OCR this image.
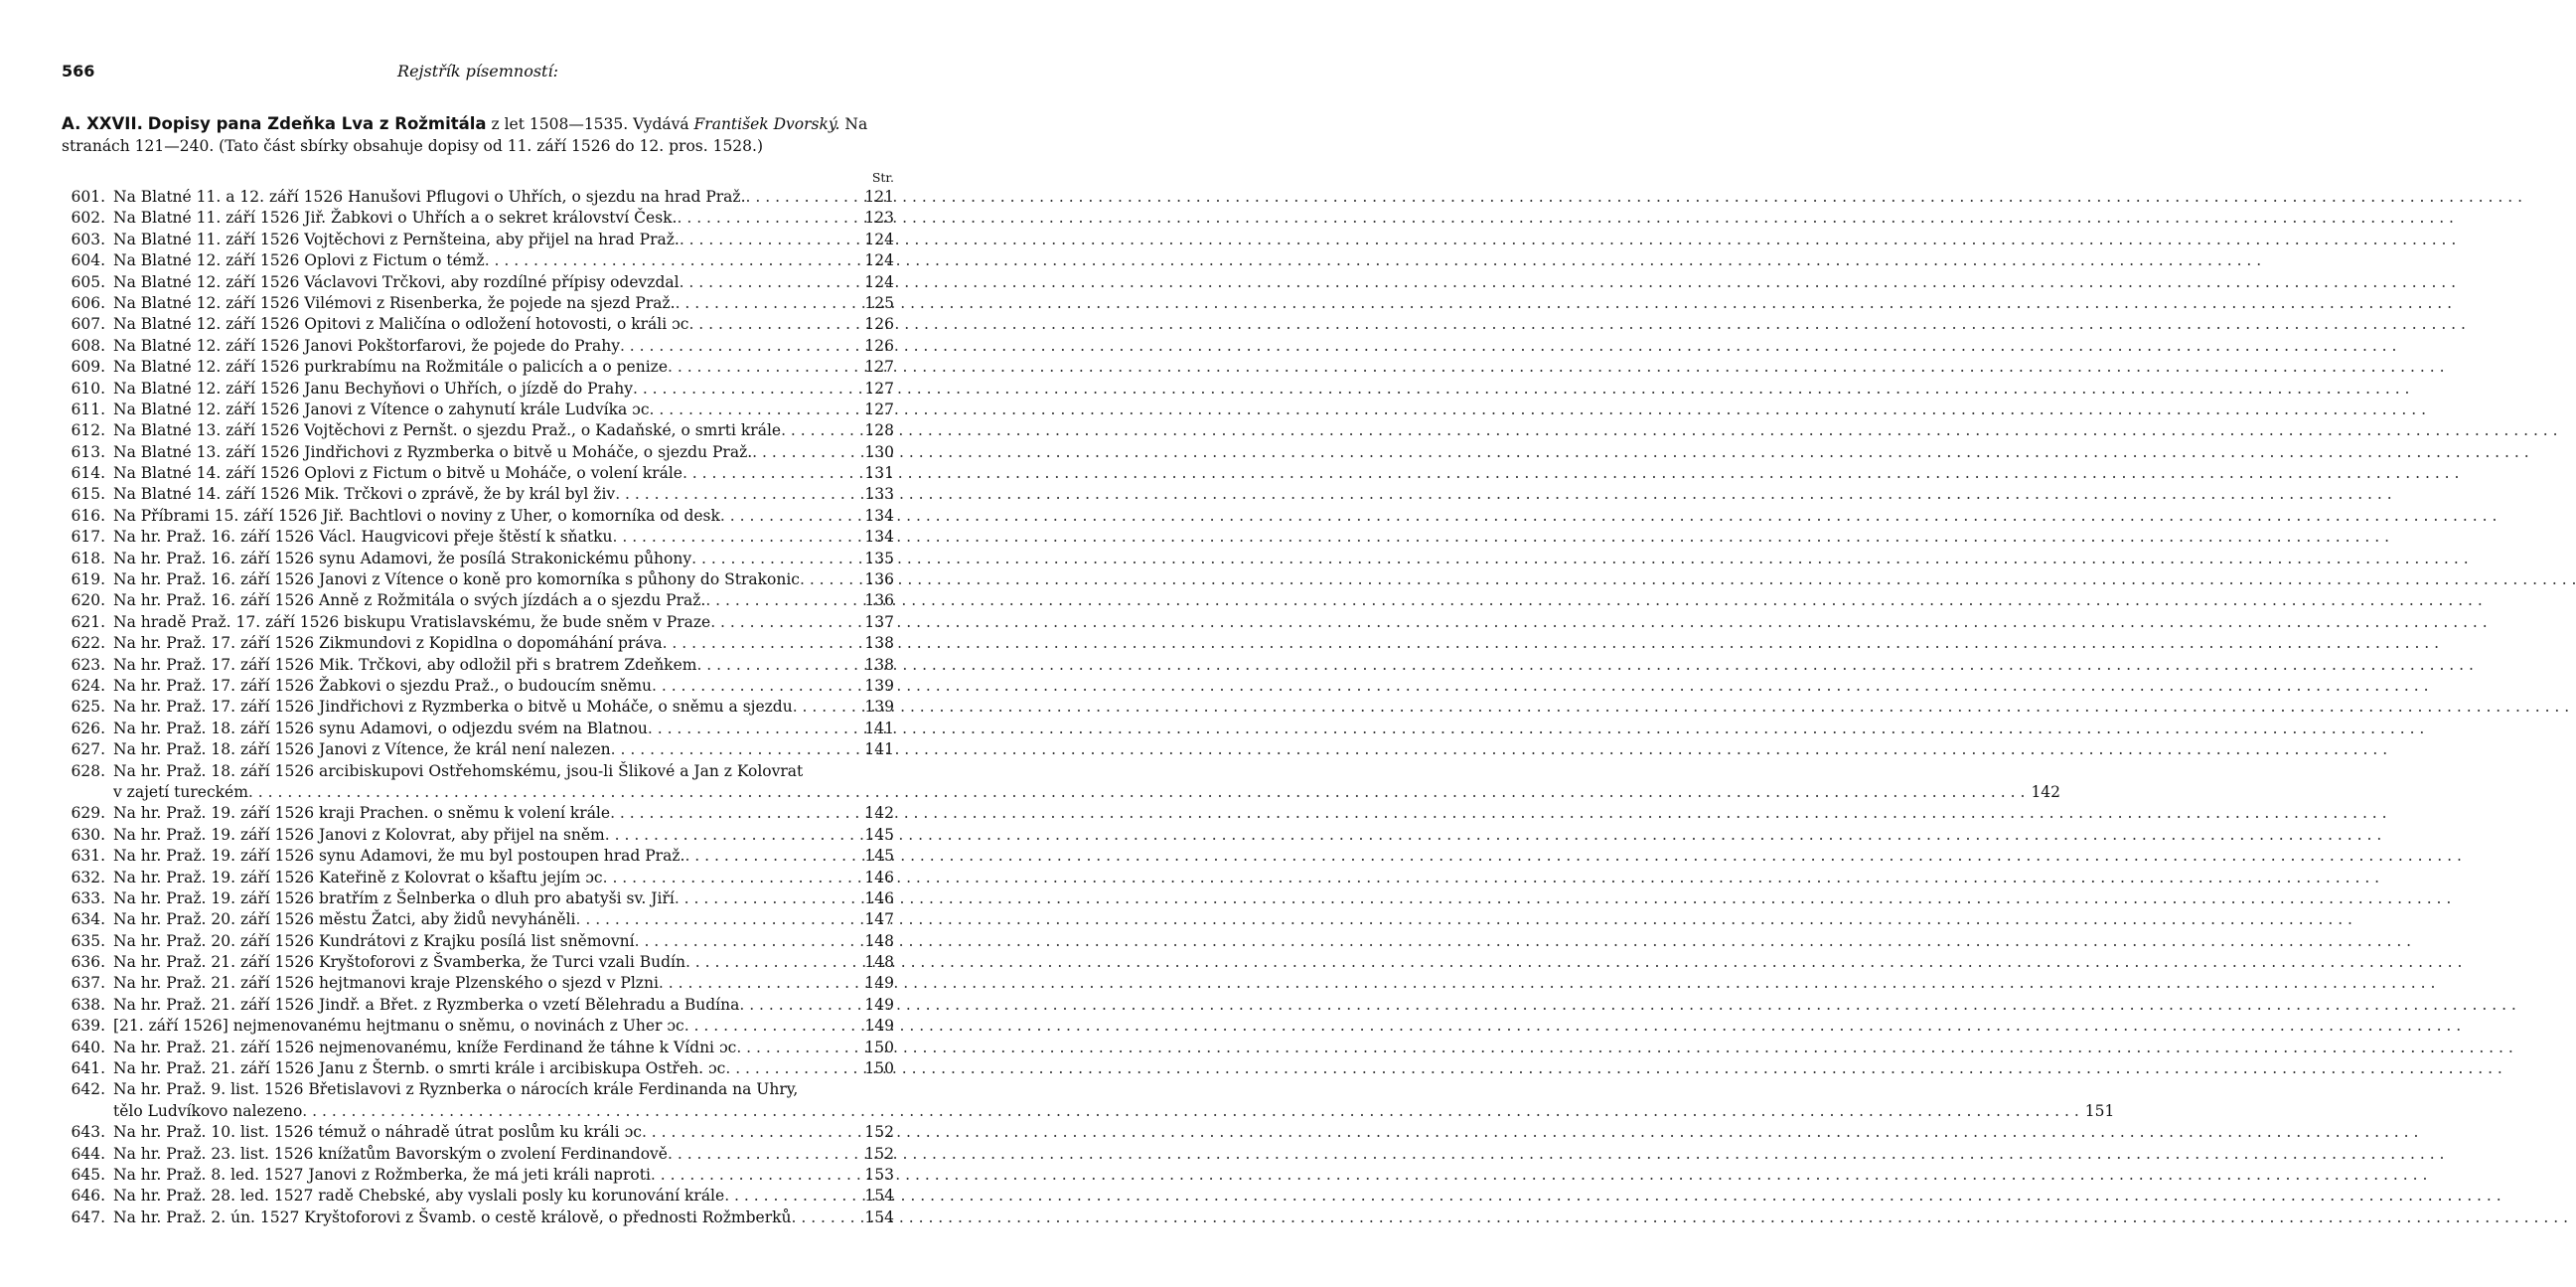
566	Rejstřík písemností:
A. XXVII. Dopisy pana Zdeňka Lva z Rožmitála z let 1508—1535. Vydává František Dvorský. Na stranách 121—240. (Tato část sbírky obsahuje dopisy od 11. září 1526 do 12. pros. 1528.)
Str.
601. Na Blatné 11. a 12. září 1526 Hanušovi Pflugovi o Uhřích, o sjezdu na hrad Praž. . . .	121
602. Na Blatné 11. září 1526 Jiř. Žabkovi o Uhřích a o sekret království Česk. . . .	123
603. Na Blatné 11. září 1526 Vojtěchovi z Pernšteina, aby přijel na hrad Praž. . . .	124
604. Na Blatné 12. září 1526 Oplovi z Fictum o témž . . .	124
605. Na Blatné 12. září 1526 Václavovi Trčkovi, aby rozdílné přípisy odevzdal . . .	124
606. Na Blatné 12. září 1526 Vilémovi z Risenberka, že pojede na sjezd Praž. . . .	125
607. Na Blatné 12. září 1526 Opitovi z Maličína o odložení hotovosti, o králi ɔc . . .	126
608. Na Blatné 12. září 1526 Janovi Pokštorfarovi, že pojede do Prahy . . .	126
609. Na Blatné 12. září 1526 purkrabímu na Rožmitále o palicích a o penize . . .	127
610. Na Blatné 12. září 1526 Janu Bechyňovi o Uhřích, o jízdě do Prahy . . .	127
611. Na Blatné 12. září 1526 Janovi z Vítence o zahynutí krále Ludvíka ɔc . . .	127
612. Na Blatné 13. září 1526 Vojtěchovi z Pernšt. o sjezdu Praž., o Kadaňské, o smrti krále . . .	128
613. Na Blatné 13. září 1526 Jindřichovi z Ryzmberka o bitvě u Moháče, o sjezdu Praž. . . .	130
614. Na Blatné 14. září 1526 Oplovi z Fictum o bitvě u Moháče, o volení krále . . .	131
615. Na Blatné 14. září 1526 Mik. Trčkovi o zprávě, že by král byl živ . . .	133
616. Na Příbrami 15. září 1526 Jiř. Bachtlovi o noviny z Uher, o komorníka od desk . . .	134
617. Na hr. Praž. 16. září 1526 Václ. Haugvicovi přeje štěstí k sňatku . . .	134
618. Na hr. Praž. 16. září 1526 synu Adamovi, že posílá Strakonickému půhony . . .	135
619. Na hr. Praž. 16. září 1526 Janovi z Vítence o koně pro komorníka s půhony do Strakonic . . .	136
620. Na hr. Praž. 16. září 1526 Anně z Rožmitála o svých jízdách a o sjezdu Praž. . . .	136
621. Na hradě Praž. 17. září 1526 biskupu Vratislavskému, že bude sněm v Praze . . .	137
622. Na hr. Praž. 17. září 1526 Zikmundovi z Kopidlna o dopomáhání práva . . .	138
623. Na hr. Praž. 17. září 1526 Mik. Trčkovi, aby odložil při s bratrem Zdeňkem . . .	138
624. Na hr. Praž. 17. září 1526 Žabkovi o sjezdu Praž., o budoucím sněmu . . .	139
625. Na hr. Praž. 17. září 1526 Jindřichovi z Ryzmberka o bitvě u Moháče, o sněmu a sjezdu . . .	139
626. Na hr. Praž. 18. září 1526 synu Adamovi, o odjezdu svém na Blatnou . . .	141
627. Na hr. Praž. 18. září 1526 Janovi z Vítence, že král není nalezen . . .	141
628. Na hr. Praž. 18. září 1526 arcibiskupovi Ostřehomskému, jsou-li Šlikové a Jan z Kolovrat
v zajetí tureckém . . .	142
629. Na hr. Praž. 19. září 1526 kraji Prachen. o sněmu k volení krále . . .	142
630. Na hr. Praž. 19. září 1526 Janovi z Kolovrat, aby přijel na sněm . . .	145
631. Na hr. Praž. 19. září 1526 synu Adamovi, že mu byl postoupen hrad Praž. . . .	145
632. Na hr. Praž. 19. září 1526 Kateřině z Kolovrat o kšaftu jejím ɔc . . .	146
633. Na hr. Praž. 19. září 1526 bratřím z Šelnberka o dluh pro abatyši sv. Jiří . . .	146
634. Na hr. Praž. 20. září 1526 městu Žatci, aby židů nevyháněli . . .	147
635. Na hr. Praž. 20. září 1526 Kundrátovi z Krajku posílá list sněmovní . . .	148
636. Na hr. Praž. 21. září 1526 Kryštoforovi z Švamberka, že Turci vzali Budín . . .	148
637. Na hr. Praž. 21. září 1526 hejtmanovi kraje Plzenského o sjezd v Plzni . . .	149
638. Na hr. Praž. 21. září 1526 Jindř. a Břet. z Ryzmberka o vzetí Bělehradu a Budína . . .	149
639. [21. září 1526] nejmenovanému hejtmanu o sněmu, o novinách z Uher ɔc . . .	149
640. Na hr. Praž. 21. září 1526 nejmenovanému, kníže Ferdinand že táhne k Vídni ɔc . . .	150
641. Na hr. Praž. 21. září 1526 Janu z Šternb. o smrti krále i arcibiskupa Ostřeh. ɔc . . .	150
642. Na hr. Praž. 9. list. 1526 Břetislavovi z Ryznberka o nárocích krále Ferdinanda na Uhry,
tělo Ludvíkovo nalezeno . . .	151
643. Na hr. Praž. 10. list. 1526 témuž o náhradě útrat poslům ku králi ɔc . . .	152
644. Na hr. Praž. 23. list. 1526 knížatům Bavorským o zvolení Ferdinandově . . .	152
645. Na hr. Praž. 8. led. 1527 Janovi z Rožmberka, že má jeti králi naproti . . .	153
646. Na hr. Praž. 28. led. 1527 radě Chebské, aby vyslali posly ku korunování krále . . .	154
647. Na hr. Praž. 2. ún. 1527 Kryštoforovi z Švamb. o cestě králově, o přednosti Rožmberků . . .	154
